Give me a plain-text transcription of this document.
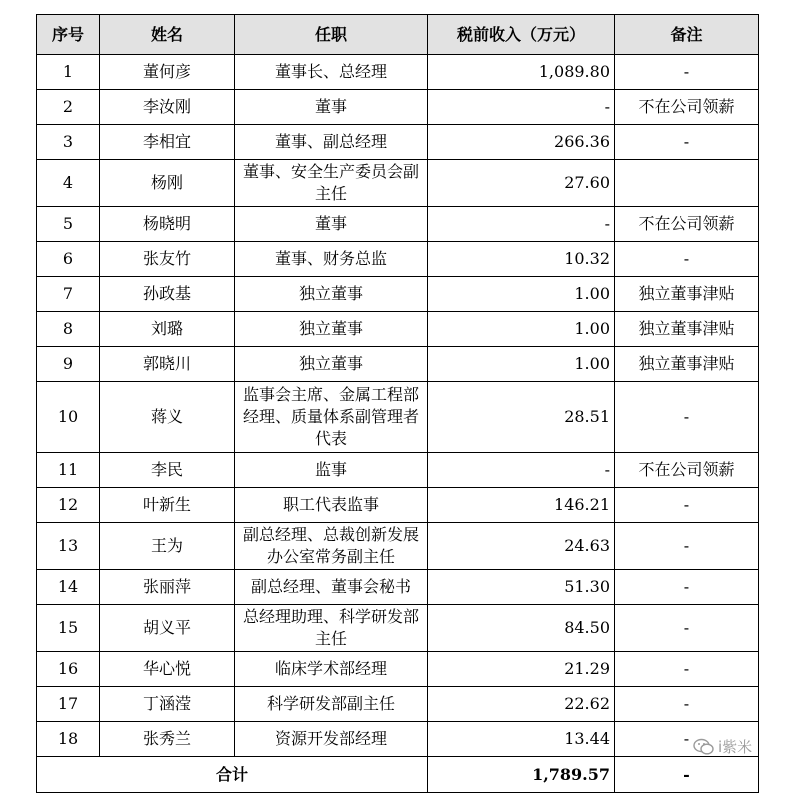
序号	姓名	任职	税前收入（万元）	备注
1	董何彦	董事长、总经理	1,089.80	-
2	李汝刚	董事	-	不在公司领薪
3	李相宜	董事、副总经理	266.36	-
4	杨刚	董事、安全生产委员会副主任	27.60	
5	杨晓明	董事	-	不在公司领薪
6	张友竹	董事、财务总监	10.32	-
7	孙政基	独立董事	1.00	独立董事津贴
8	刘璐	独立董事	1.00	独立董事津贴
9	郭晓川	独立董事	1.00	独立董事津贴
10	蒋义	监事会主席、金属工程部经理、质量体系副管理者代表	28.51	-
11	李民	监事	-	不在公司领薪
12	叶新生	职工代表监事	146.21	-
13	王为	副总经理、总裁创新发展办公室常务副主任	24.63	-
14	张丽萍	副总经理、董事会秘书	51.30	-
15	胡义平	总经理助理、科学研发部主任	84.50	-
16	华心悦	临床学术部经理	21.29	-
17	丁涵滢	科学研发部副主任	22.62	-
18	张秀兰	资源开发部经理	13.44	-
合计			1,789.57	-
i紫米
